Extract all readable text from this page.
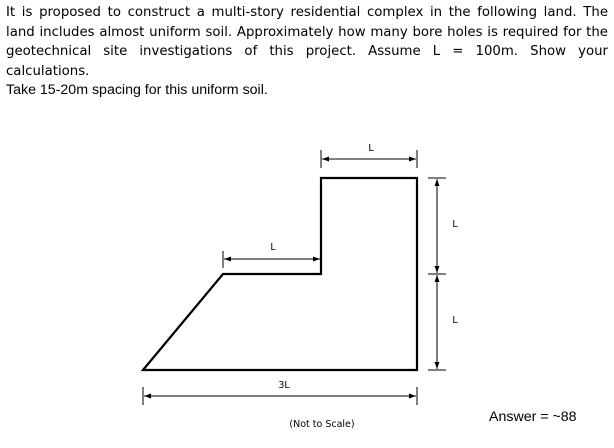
It is proposed to construct a multi-story residential complex in the following land. The land includes almost uniform soil. Approximately how many bore holes is required for the geotechnical site investigations of this project. Assume L = 100m. Show your calculations.

Take 15-20m spacing for this uniform soil.

L
L
3L
L
L
(Not to Scale)	Answer = ~88
